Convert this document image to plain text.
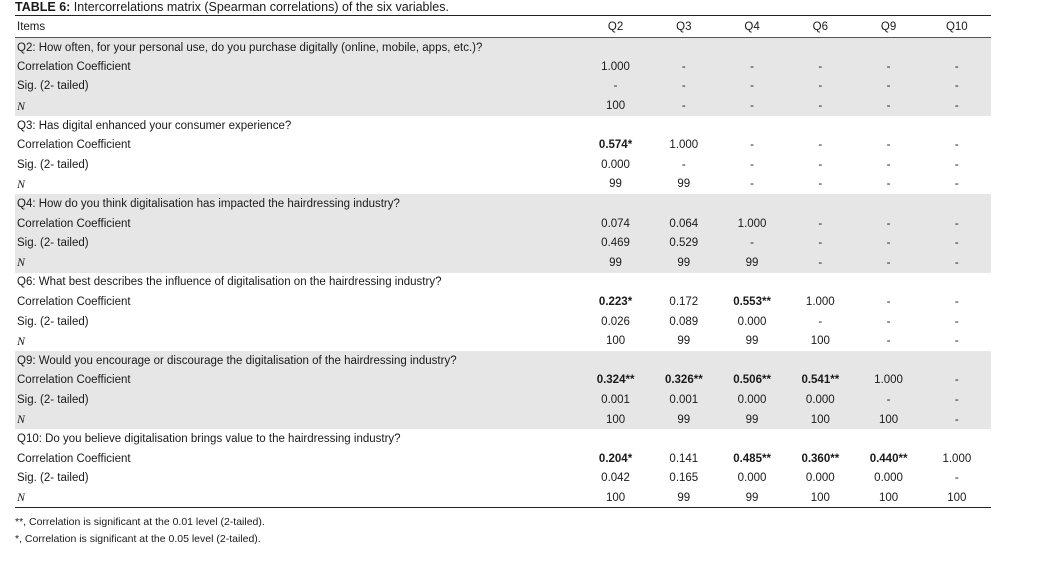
TABLE 6: Intercorrelations matrix (Spearman correlations) of the six variables.
Items	Q2	Q3	Q4	Q6	Q9	Q10
Q2: How often, for your personal use, do you purchase digitally (online, mobile, apps, etc.)?						
Correlation Coefficient	1.000	-	-	-	-	-
Sig. (2- tailed)	-	-	-	-	-	-
N	100	-	-	-	-	-
Q3: Has digital enhanced your consumer experience?						
Correlation Coefficient	0.574*	1.000	-	-	-	-
Sig. (2- tailed)	0.000	-	-	-	-	-
N	99	99	-	-	-	-
Q4: How do you think digitalisation has impacted the hairdressing industry?						
Correlation Coefficient	0.074	0.064	1.000	-	-	-
Sig. (2- tailed)	0.469	0.529	-	-	-	-
N	99	99	99	-	-	-
Q6: What best describes the influence of digitalisation on the hairdressing industry?						
Correlation Coefficient	0.223*	0.172	0.553**	1.000	-	-
Sig. (2- tailed)	0.026	0.089	0.000	-	-	-
N	100	99	99	100	-	-
Q9: Would you encourage or discourage the digitalisation of the hairdressing industry?						
Correlation Coefficient	0.324**	0.326**	0.506**	0.541**	1.000	-
Sig. (2- tailed)	0.001	0.001	0.000	0.000	-	-
N	100	99	99	100	100	-
Q10: Do you believe digitalisation brings value to the hairdressing industry?						
Correlation Coefficient	0.204*	0.141	0.485**	0.360**	0.440**	1.000
Sig. (2- tailed)	0.042	0.165	0.000	0.000	0.000	-
N	100	99	99	100	100	100
**, Correlation is significant at the 0.01 level (2-tailed).
*, Correlation is significant at the 0.05 level (2-tailed).
